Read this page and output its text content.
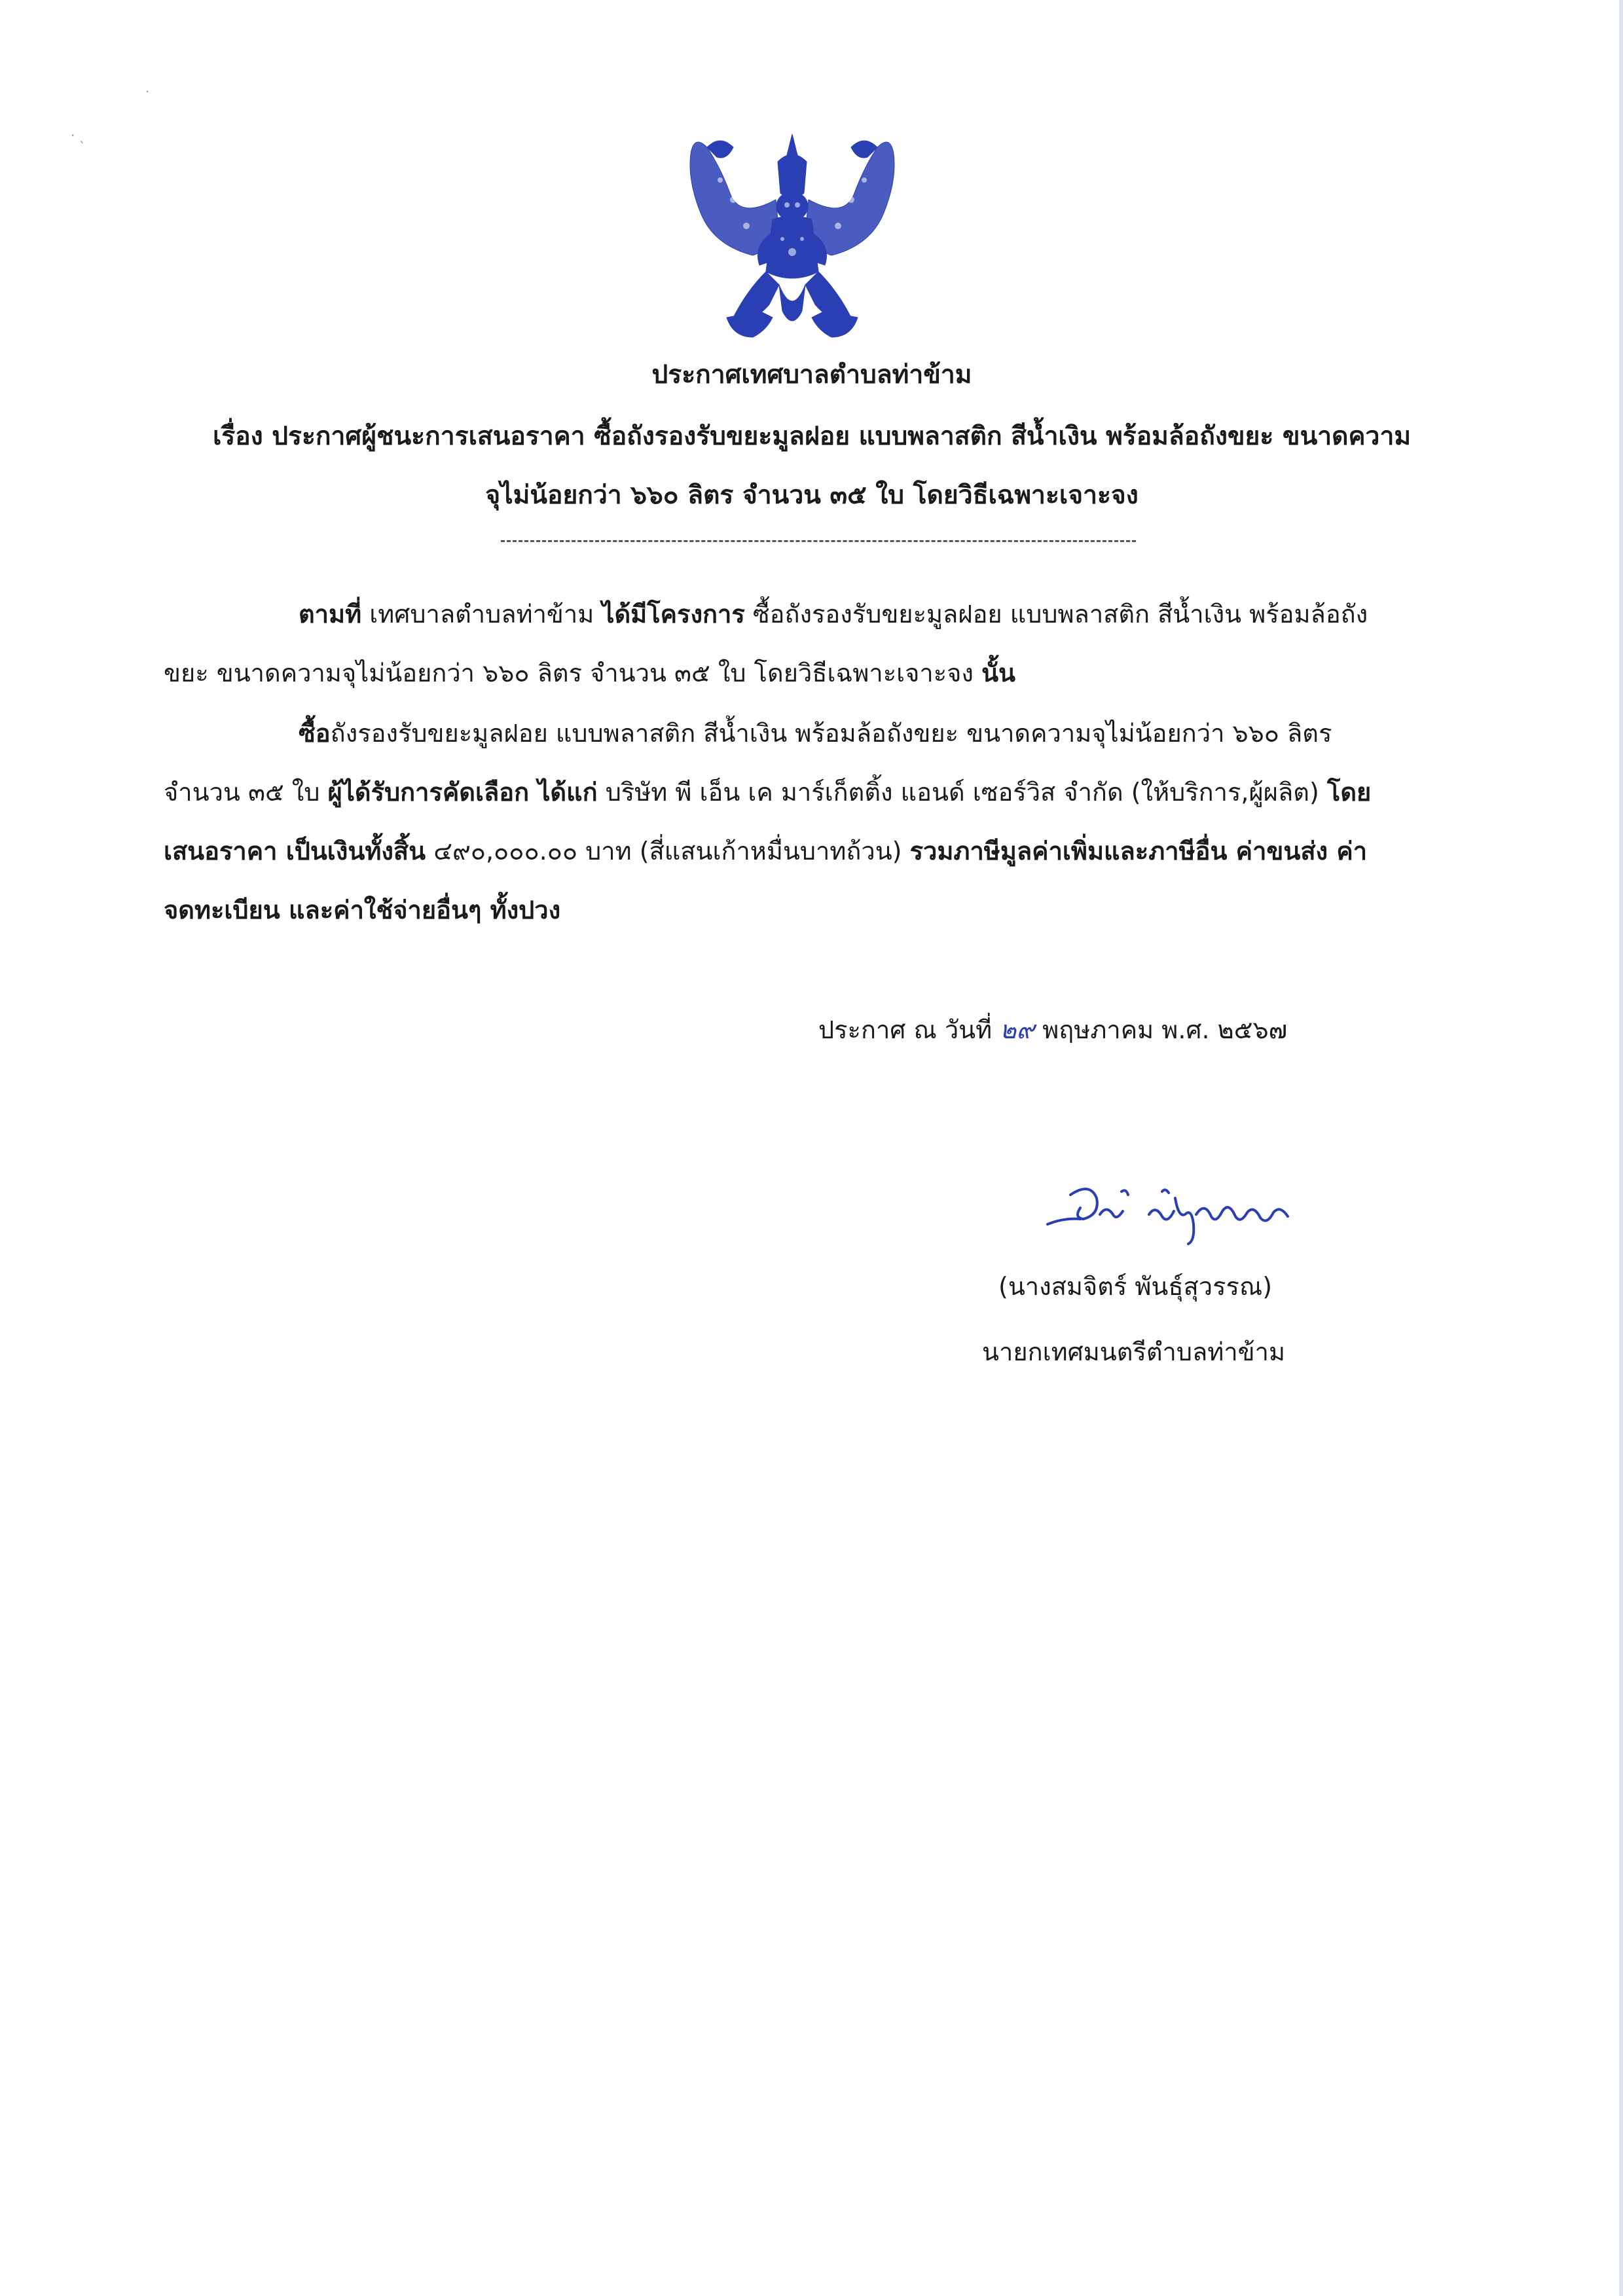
·
· ˎ
ประกาศเทศบาลตำบลท่าข้าม
เรื่อง ประกาศผู้ชนะการเสนอราคา ซื้อถังรองรับขยะมูลฝอย แบบพลาสติก สีน้ำเงิน พร้อมล้อถังขยะ ขนาดความ
จุไม่น้อยกว่า ๖๖๐ ลิตร จำนวน ๓๕ ใบ โดยวิธีเฉพาะเจาะจง
ตามที่ เทศบาลตำบลท่าข้าม ได้มีโครงการ ซื้อถังรองรับขยะมูลฝอย แบบพลาสติก สีน้ำเงิน พร้อมล้อถัง
ขยะ ขนาดความจุไม่น้อยกว่า ๖๖๐ ลิตร จำนวน ๓๕ ใบ โดยวิธีเฉพาะเจาะจง นั้น
ซื้อถังรองรับขยะมูลฝอย แบบพลาสติก สีน้ำเงิน พร้อมล้อถังขยะ ขนาดความจุไม่น้อยกว่า ๖๖๐ ลิตร
จำนวน ๓๕ ใบ ผู้ได้รับการคัดเลือก ได้แก่ บริษัท พี เอ็น เค มาร์เก็ตติ้ง แอนด์ เซอร์วิส จำกัด (ให้บริการ,ผู้ผลิต) โดย
เสนอราคา เป็นเงินทั้งสิ้น ๔๙๐,๐๐๐.๐๐ บาท (สี่แสนเก้าหมื่นบาทถ้วน) รวมภาษีมูลค่าเพิ่มและภาษีอื่น ค่าขนส่ง ค่า
จดทะเบียน และค่าใช้จ่ายอื่นๆ ทั้งปวง
ประกาศ ณ วันที่ ๒๙ พฤษภาคม พ.ศ. ๒๕๖๗
(นางสมจิตร์ พันธุ์สุวรรณ)
นายกเทศมนตรีตำบลท่าข้าม
